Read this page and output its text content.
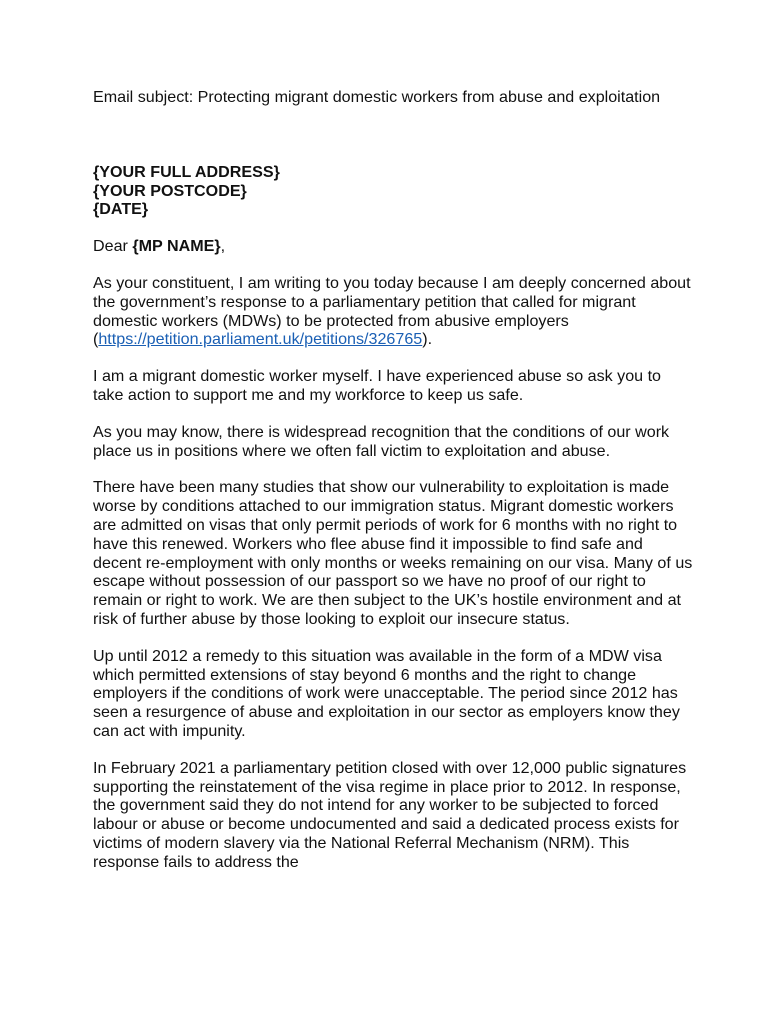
Email subject: Protecting migrant domestic workers from abuse and exploitation

{YOUR FULL ADDRESS}

{YOUR POSTCODE}

{DATE}

Dear {MP NAME},

As your constituent, I am writing to you today because I am deeply concerned about the government’s response to a parliamentary petition that called for migrant domestic workers (MDWs) to be protected from abusive employers (https://petition.parliament.uk/petitions/326765).

I am a migrant domestic worker myself. I have experienced abuse so ask you to take action to support me and my workforce to keep us safe.

As you may know, there is widespread recognition that the conditions of our work place us in positions where we often fall victim to exploitation and abuse.

There have been many studies that show our vulnerability to exploitation is made worse by conditions attached to our immigration status. Migrant domestic workers are admitted on visas that only permit periods of work for 6 months with no right to have this renewed. Workers who flee abuse find it impossible to find safe and decent re-employment with only months or weeks remaining on our visa. Many of us escape without possession of our passport so we have no proof of our right to remain or right to work. We are then subject to the UK’s hostile environment and at risk of further abuse by those looking to exploit our insecure status.

Up until 2012 a remedy to this situation was available in the form of a MDW visa which permitted extensions of stay beyond 6 months and the right to change employers if the conditions of work were unacceptable. The period since 2012 has seen a resurgence of abuse and exploitation in our sector as employers know they can act with impunity.

In February 2021 a parliamentary petition closed with over 12,000 public signatures supporting the reinstatement of the visa regime in place prior to 2012. In response, the government said they do not intend for any worker to be subjected to forced labour or abuse or become undocumented and said a dedicated process exists for victims of modern slavery via the National Referral Mechanism (NRM). This response fails to address the
